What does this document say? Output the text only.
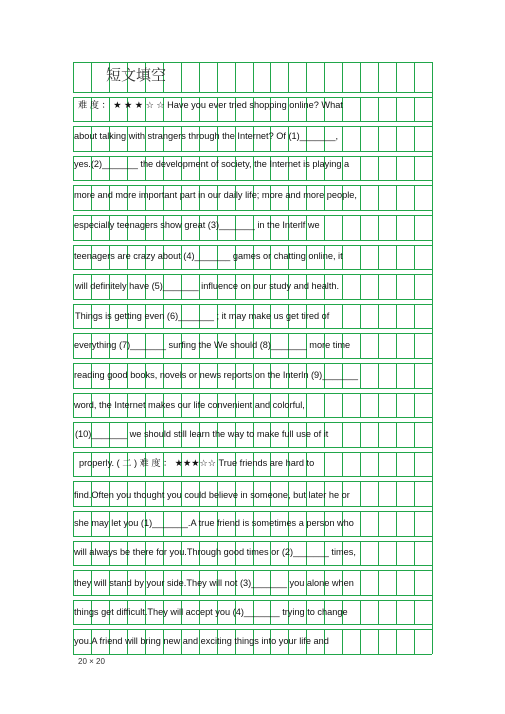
短文填空
难 度 ： ★ ★ ★ ☆ ☆ Have you ever tried shopping online? What
about talking with strangers through the Internet? Of (1)_______,
yes.(2)_______ the development of society, the Internet is playing a
more and more important part in our daily life; more and more people,
especially teenagers show great (3)_______ in the Interlf we
teenagers are crazy about (4)_______ games or chatting online, it
will definitely have (5)_______ influence on our study and health.
Things is getting even (6)_______ ; it may make us get tired of
everything (7)_______ surfing the We should (8)_______ more time
reading good books, novels or news reports on the Interln (9)_______
word, the Internet makes our life convenient and colorful,
(10)_______ we should still learn the way to make full use of it
properly. ( 二 ) 难 度 ： ★★★☆☆ True friends are hard to
find.Often you thought you could believe in someone, but later he or
she may let you (1)_______.A true friend is sometimes a person who
will always be there for you.Through good times or (2)_______ times,
they will stand by your side.They will not (3)_______ you alone when
things get difficult.They will accept you (4)_______ trying to change
you.A friend will bring new and exciting things into your life and
20 × 20
